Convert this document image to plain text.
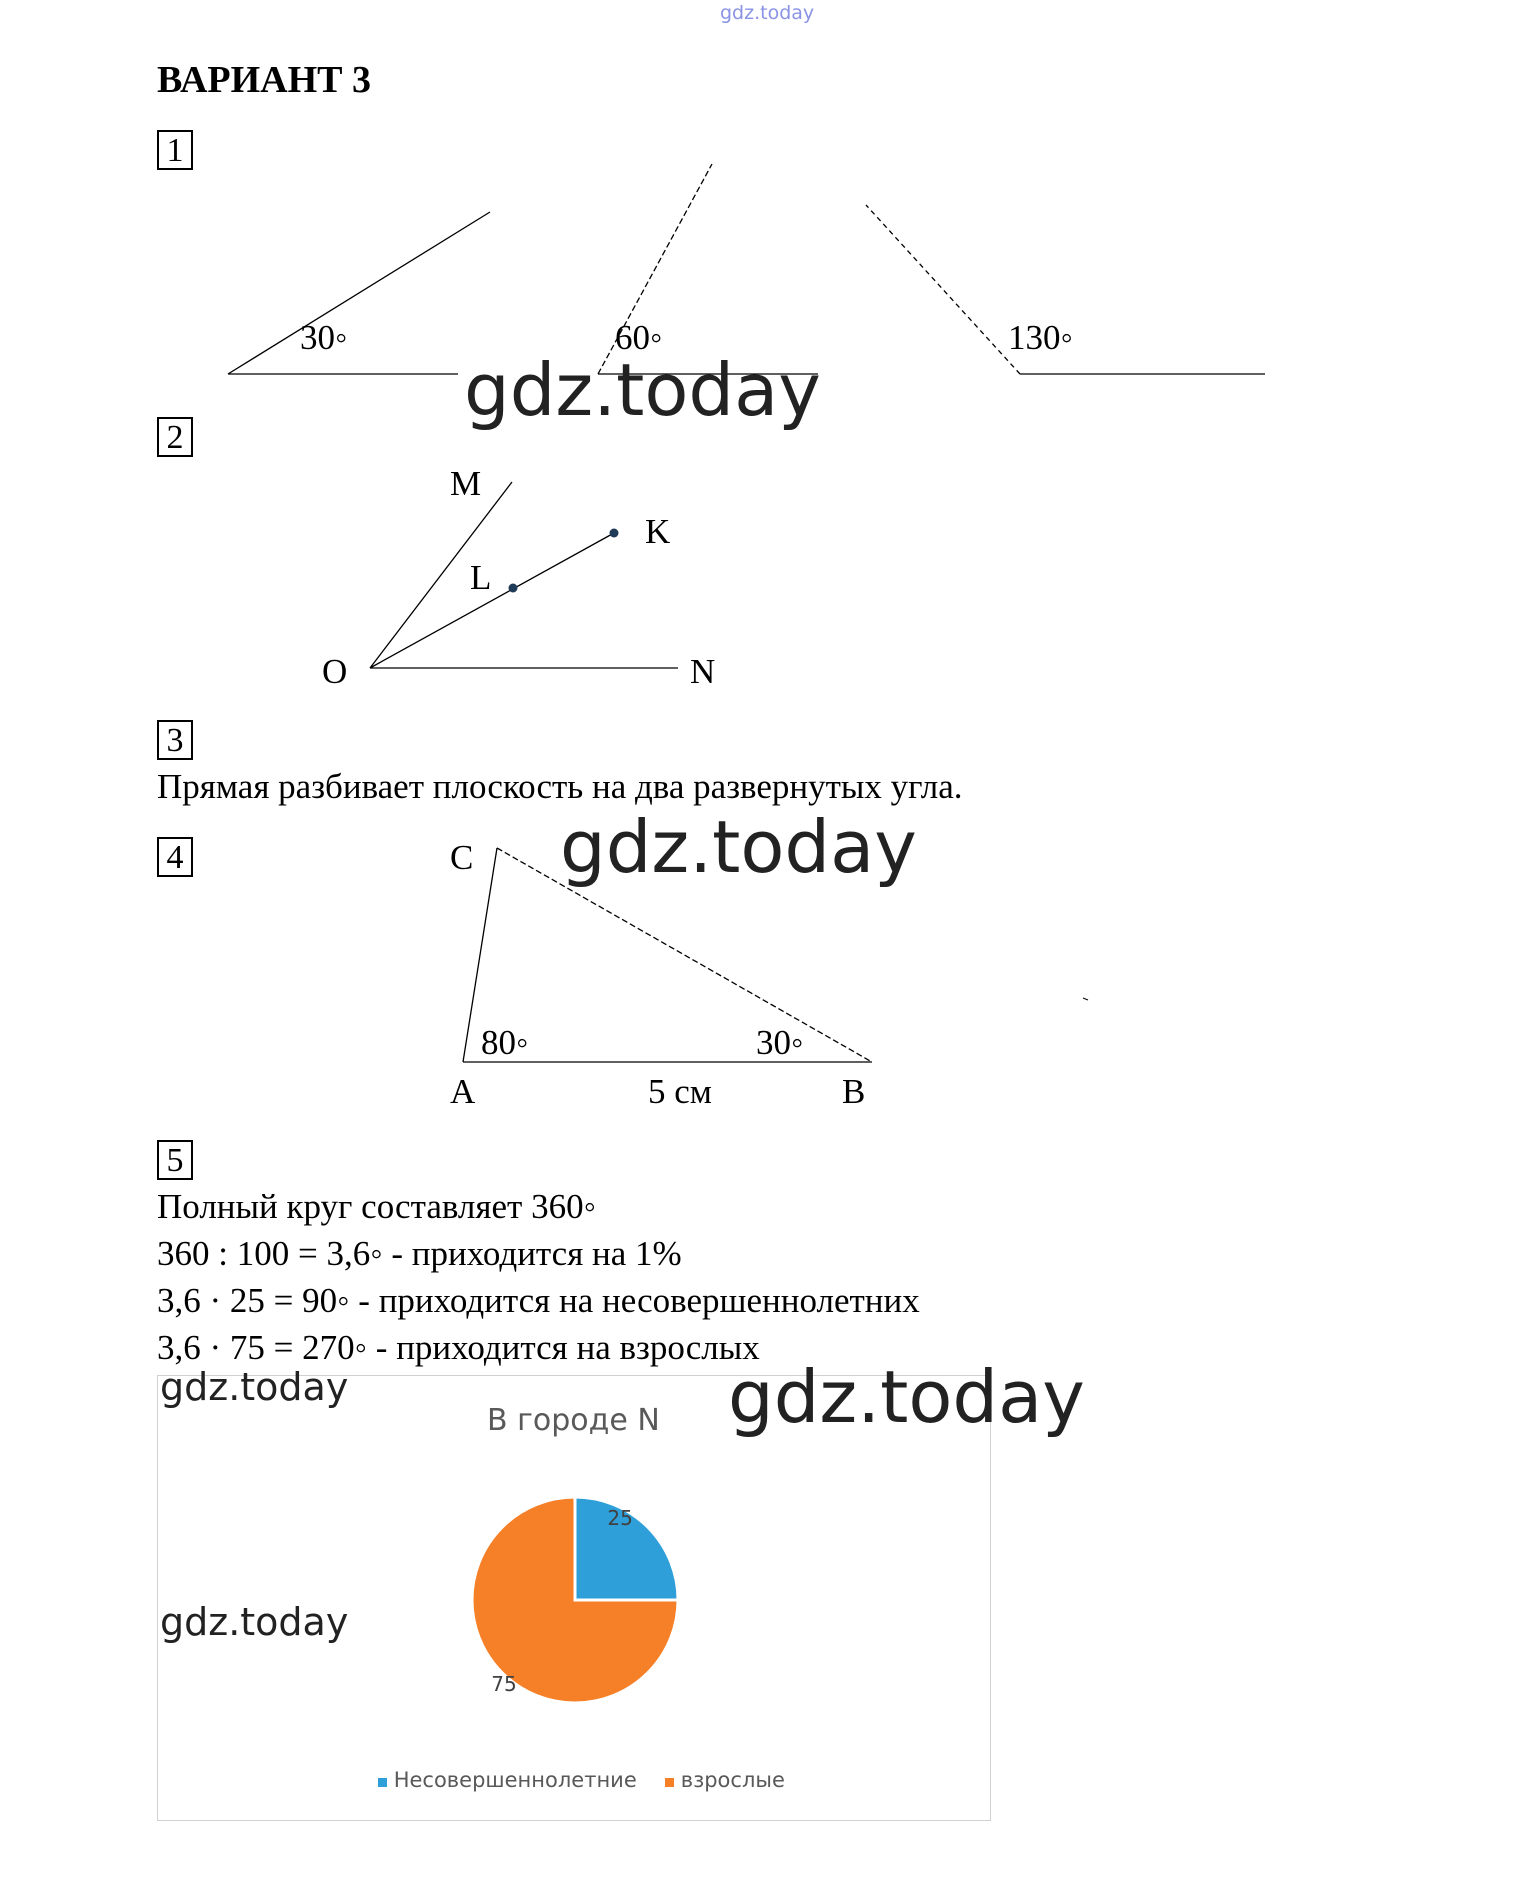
gdz.today
ВАРИАНТ 3
1
30◦	60◦	130◦
gdz.today
2
M
K
L
O	N
3
Прямая разбивает плоскость на два развернутых угла.
4	C
80◦	30◦
A	5 см	B
gdz.today
5
Полный круг составляет 360◦
360 : 100 = 3,6◦ - приходится на 1%
3,6 · 25 = 90◦ - приходится на несовершеннолетних
3,6 · 75 = 270◦ - приходится на взрослых
В городе N
25
75
Несовершеннолетние	взрослые
gdz.today
gdz.today
gdz.today
